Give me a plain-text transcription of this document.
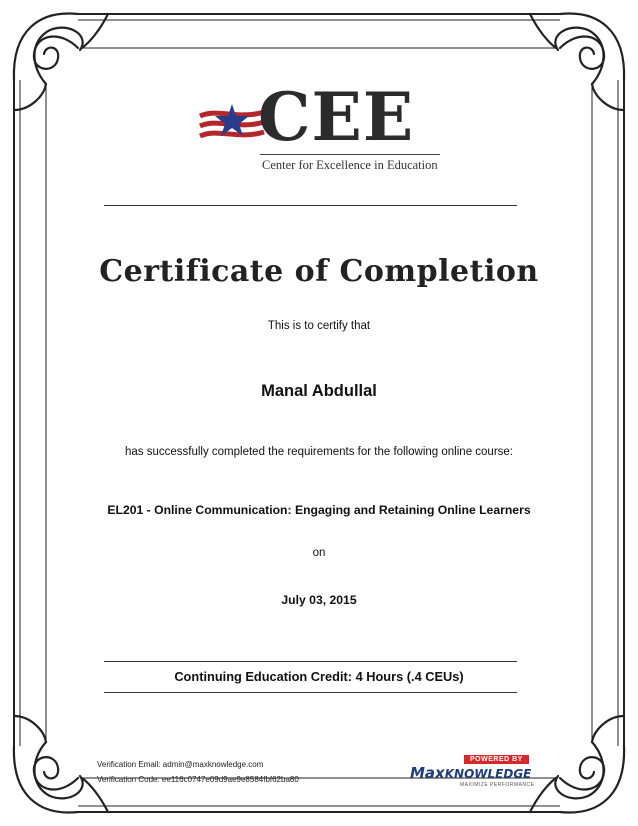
CEE
Center for Excellence in Education
Certificate of Completion
This is to certify that
Manal Abdullal
has successfully completed the requirements for the following online course:
EL201 - Online Communication: Engaging and Retaining Online Learners
on
July 03, 2015
Continuing Education Credit: 4 Hours (.4 CEUs)
Verification Email: admin@maxknowledge.com
Verification Code: ee116c0747e09d9ae9e8584fbf62ba80
POWERED BY
MaxKNOWLEDGE
MAXIMIZE PERFORMANCE
